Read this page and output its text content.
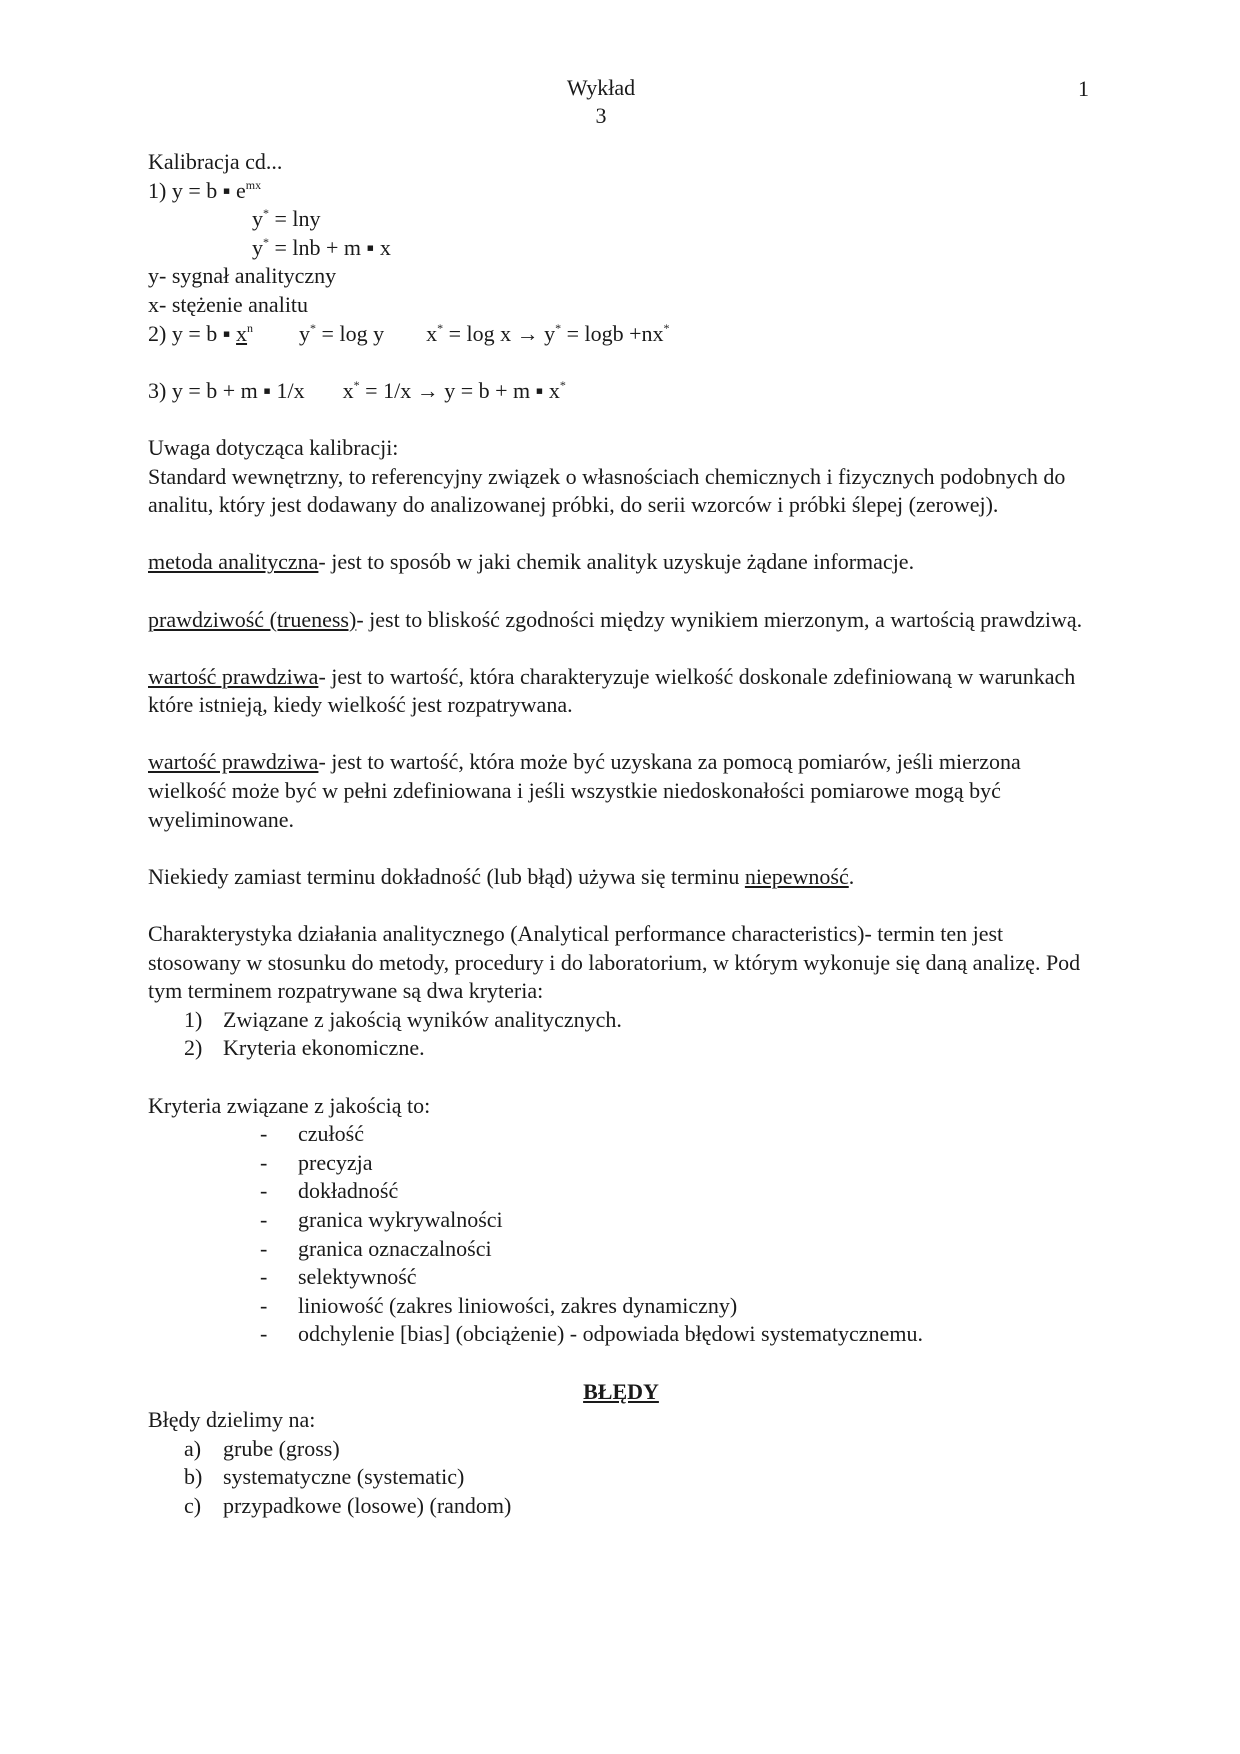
Wykład
3
1
Kalibracja cd...
1) y = b ▪ $e^{mx}$
y* = lny
y* = lnb + m ▪ x
y- sygnał analityczny
x- stężenie analitu
2) y = b ▪ $x^n$ y* = log y x* = log x → y* = logb +nx*
3) y = b + m ▪ 1/x x* = 1/x → y = b + m ▪ x*
Uwaga dotycząca kalibracji:
Standard wewnętrzny, to referencyjny związek o własnościach chemicznych i fizycznych podobnych do analitu, który jest dodawany do analizowanej próbki, do serii wzorców i próbki ślepej (zerowej).
metoda analityczna- jest to sposób w jaki chemik analityk uzyskuje żądane informacje.
prawdziwość (trueness)- jest to bliskość zgodności między wynikiem mierzonym, a wartością prawdziwą.
wartość prawdziwa- jest to wartość, która charakteryzuje wielkość doskonale zdefiniowaną w warunkach które istnieją, kiedy wielkość jest rozpatrywana.
wartość prawdziwa- jest to wartość, która może być uzyskana za pomocą pomiarów, jeśli mierzona wielkość może być w pełni zdefiniowana i jeśli wszystkie niedoskonałości pomiarowe mogą być wyeliminowane.
Niekiedy zamiast terminu dokładność (lub błąd) używa się terminu niepewność.
Charakterystyka działania analitycznego (Analytical performance characteristics)- termin ten jest stosowany w stosunku do metody, procedury i do laboratorium, w którym wykonuje się daną analizę. Pod tym terminem rozpatrywane są dwa kryteria:
1) Związane z jakością wyników analitycznych.
2) Kryteria ekonomiczne.
Kryteria związane z jakością to:
- czułość
- precyzja
- dokładność
- granica wykrywalności
- granica oznaczalności
- selektywność
- liniowość (zakres liniowości, zakres dynamiczny)
- odchylenie [bias] (obciążenie) - odpowiada błędowi systematycznemu.
BŁĘDY
Błędy dzielimy na:
a) grube (gross)
b) systematyczne (systematic)
c) przypadkowe (losowe) (random)
